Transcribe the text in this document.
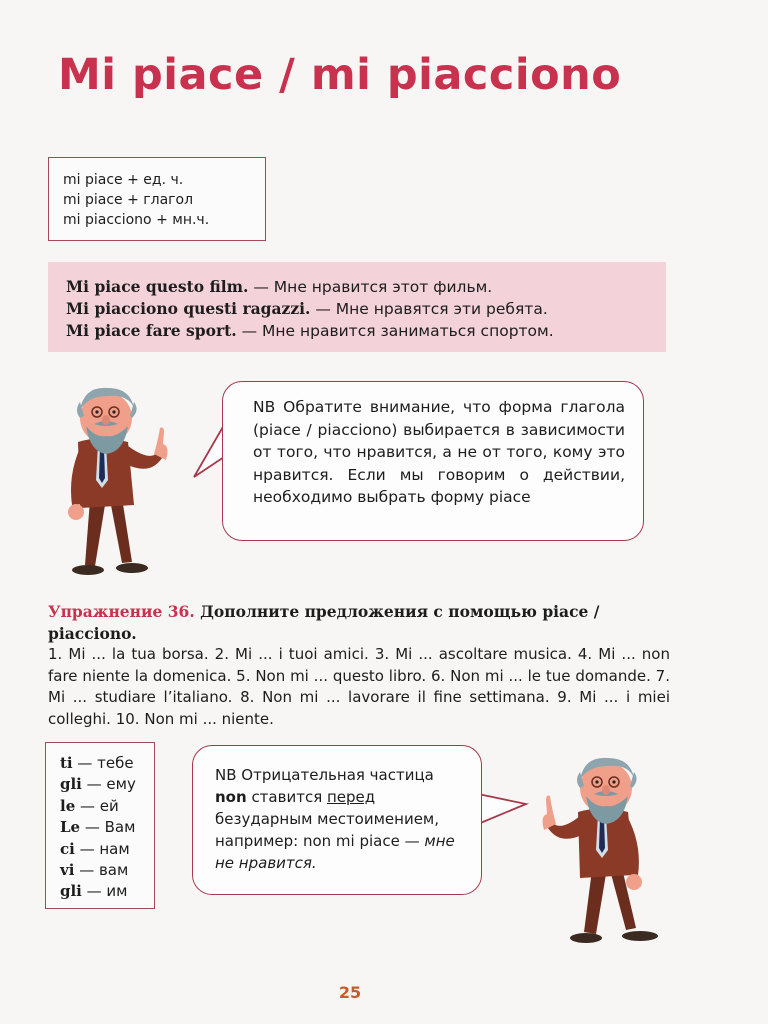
Mi piace / mi piacciono
mi piace + ед. ч.
mi piace + глагол
mi piacciono + мн.ч.
Mi piace questo film. — Мне нравится этот фильм.
Mi piacciono questi ragazzi. — Мне нравятся эти ребята.
Mi piace fare sport. — Мне нравится заниматься спортом.
NB Обратите внимание, что форма глагола (piace / piacciono) выбирается в зависимости от того, что нравится, а не от того, кому это нравится. Если мы говорим о действии, необходимо выбрать форму piace
Упражнение 36. Дополните предложения с помощью piace / piacciono.
1. Mi ... la tua borsa. 2. Mi ... i tuoi amici. 3. Mi ... ascoltare musica. 4. Mi ... non fare niente la domenica. 5. Non mi ... questo libro. 6. Non mi ... le tue domande. 7. Mi ... studiare l’italiano. 8. Non mi ... lavorare il fine settimana. 9. Mi ... i miei colleghi. 10. Non mi ... niente.
ti — тебе
gli — ему
le — ей
Le — Вам
ci — нам
vi — вам
gli — им
NB Отрицательная частица non ставится перед безударным местоимением, например: non mi piace — мне не нравится.
25
